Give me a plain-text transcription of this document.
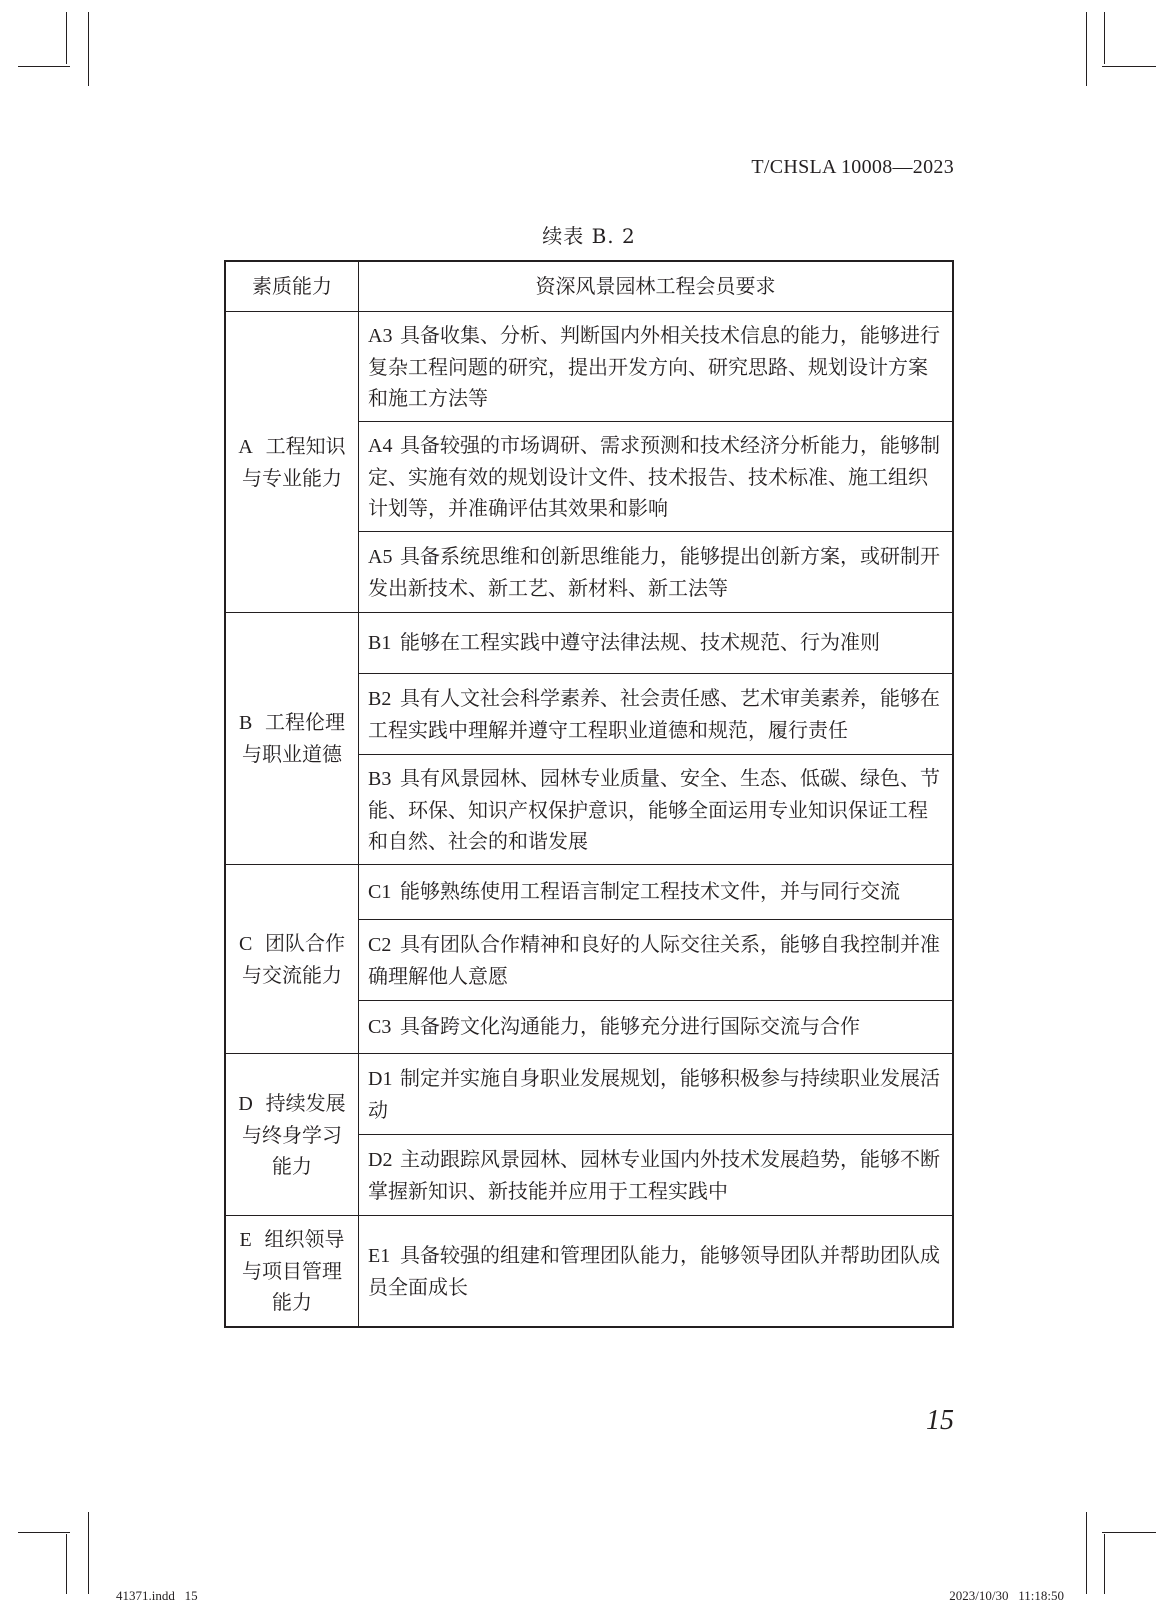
T/CHSLA 10008—2023
续表 B. 2
素质能力	资深风景园林工程会员要求
A 工程知识
与专业能力	A3 具备收集、分析、判断国内外相关技术信息的能力，能够进行复杂工程问题的研究，提出开发方向、研究思路、规划设计方案和施工方法等
	A4 具备较强的市场调研、需求预测和技术经济分析能力，能够制定、实施有效的规划设计文件、技术报告、技术标准、施工组织计划等，并准确评估其效果和影响
	A5 具备系统思维和创新思维能力，能够提出创新方案，或研制开发出新技术、新工艺、新材料、新工法等
B 工程伦理
与职业道德	B1 能够在工程实践中遵守法律法规、技术规范、行为准则
	B2 具有人文社会科学素养、社会责任感、艺术审美素养，能够在工程实践中理解并遵守工程职业道德和规范，履行责任
	B3 具有风景园林、园林专业质量、安全、生态、低碳、绿色、节能、环保、知识产权保护意识，能够全面运用专业知识保证工程和自然、社会的和谐发展
C 团队合作
与交流能力	C1 能够熟练使用工程语言制定工程技术文件，并与同行交流
	C2 具有团队合作精神和良好的人际交往关系，能够自我控制并准确理解他人意愿
	C3 具备跨文化沟通能力，能够充分进行国际交流与合作
D 持续发展
与终身学习
能力	D1 制定并实施自身职业发展规划，能够积极参与持续职业发展活动
	D2 主动跟踪风景园林、园林专业国内外技术发展趋势，能够不断掌握新知识、新技能并应用于工程实践中
E 组织领导
与项目管理
能力	E1 具备较强的组建和管理团队能力，能够领导团队并帮助团队成员全面成长
15
41371.indd   15	2023/10/30   11:18:50
